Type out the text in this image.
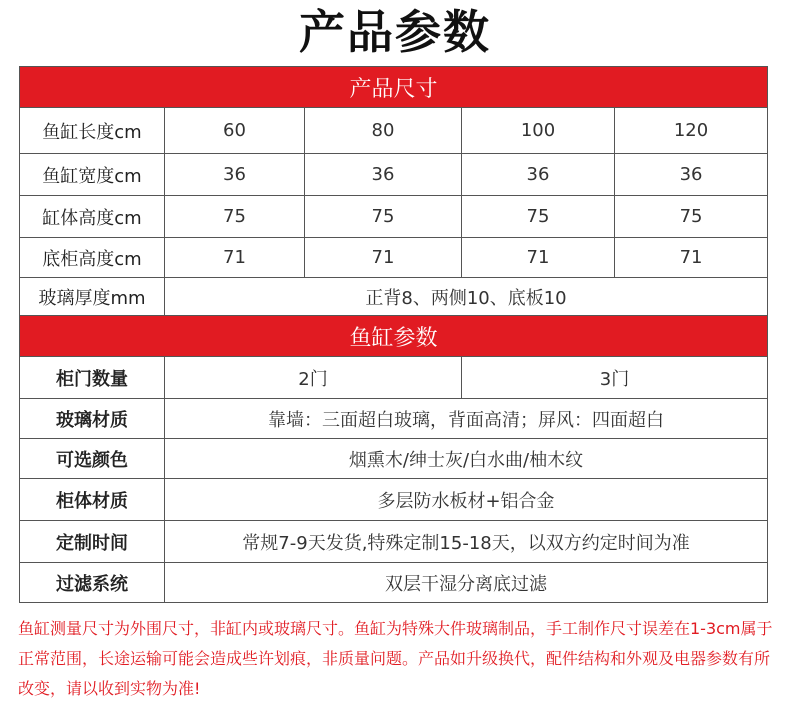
产品参数
产品尺寸				
鱼缸长度cm	60	80	100	120
鱼缸宽度cm	36	36	36	36
缸体高度cm	75	75	75	75
底柜高度cm	71	71	71	71
玻璃厚度mm	正背8、两侧10、底板10			
鱼缸参数				
柜门数量	2门		3门	
玻璃材质	靠墙：三面超白玻璃，背面高清；屏风：四面超白			
可选颜色	烟熏木/绅士灰/白水曲/柚木纹			
柜体材质	多层防水板材+铝合金			
定制时间	常规7-9天发货,特殊定制15-18天，以双方约定时间为准			
过滤系统	双层干湿分离底过滤			
鱼缸测量尺寸为外围尺寸，非缸内或玻璃尺寸。鱼缸为特殊大件玻璃制品，手工制作尺寸误差在1-3cm属于正常范围，长途运输可能会造成些许划痕，非质量问题。产品如升级换代，配件结构和外观及电器参数有所改变，请以收到实物为准!
